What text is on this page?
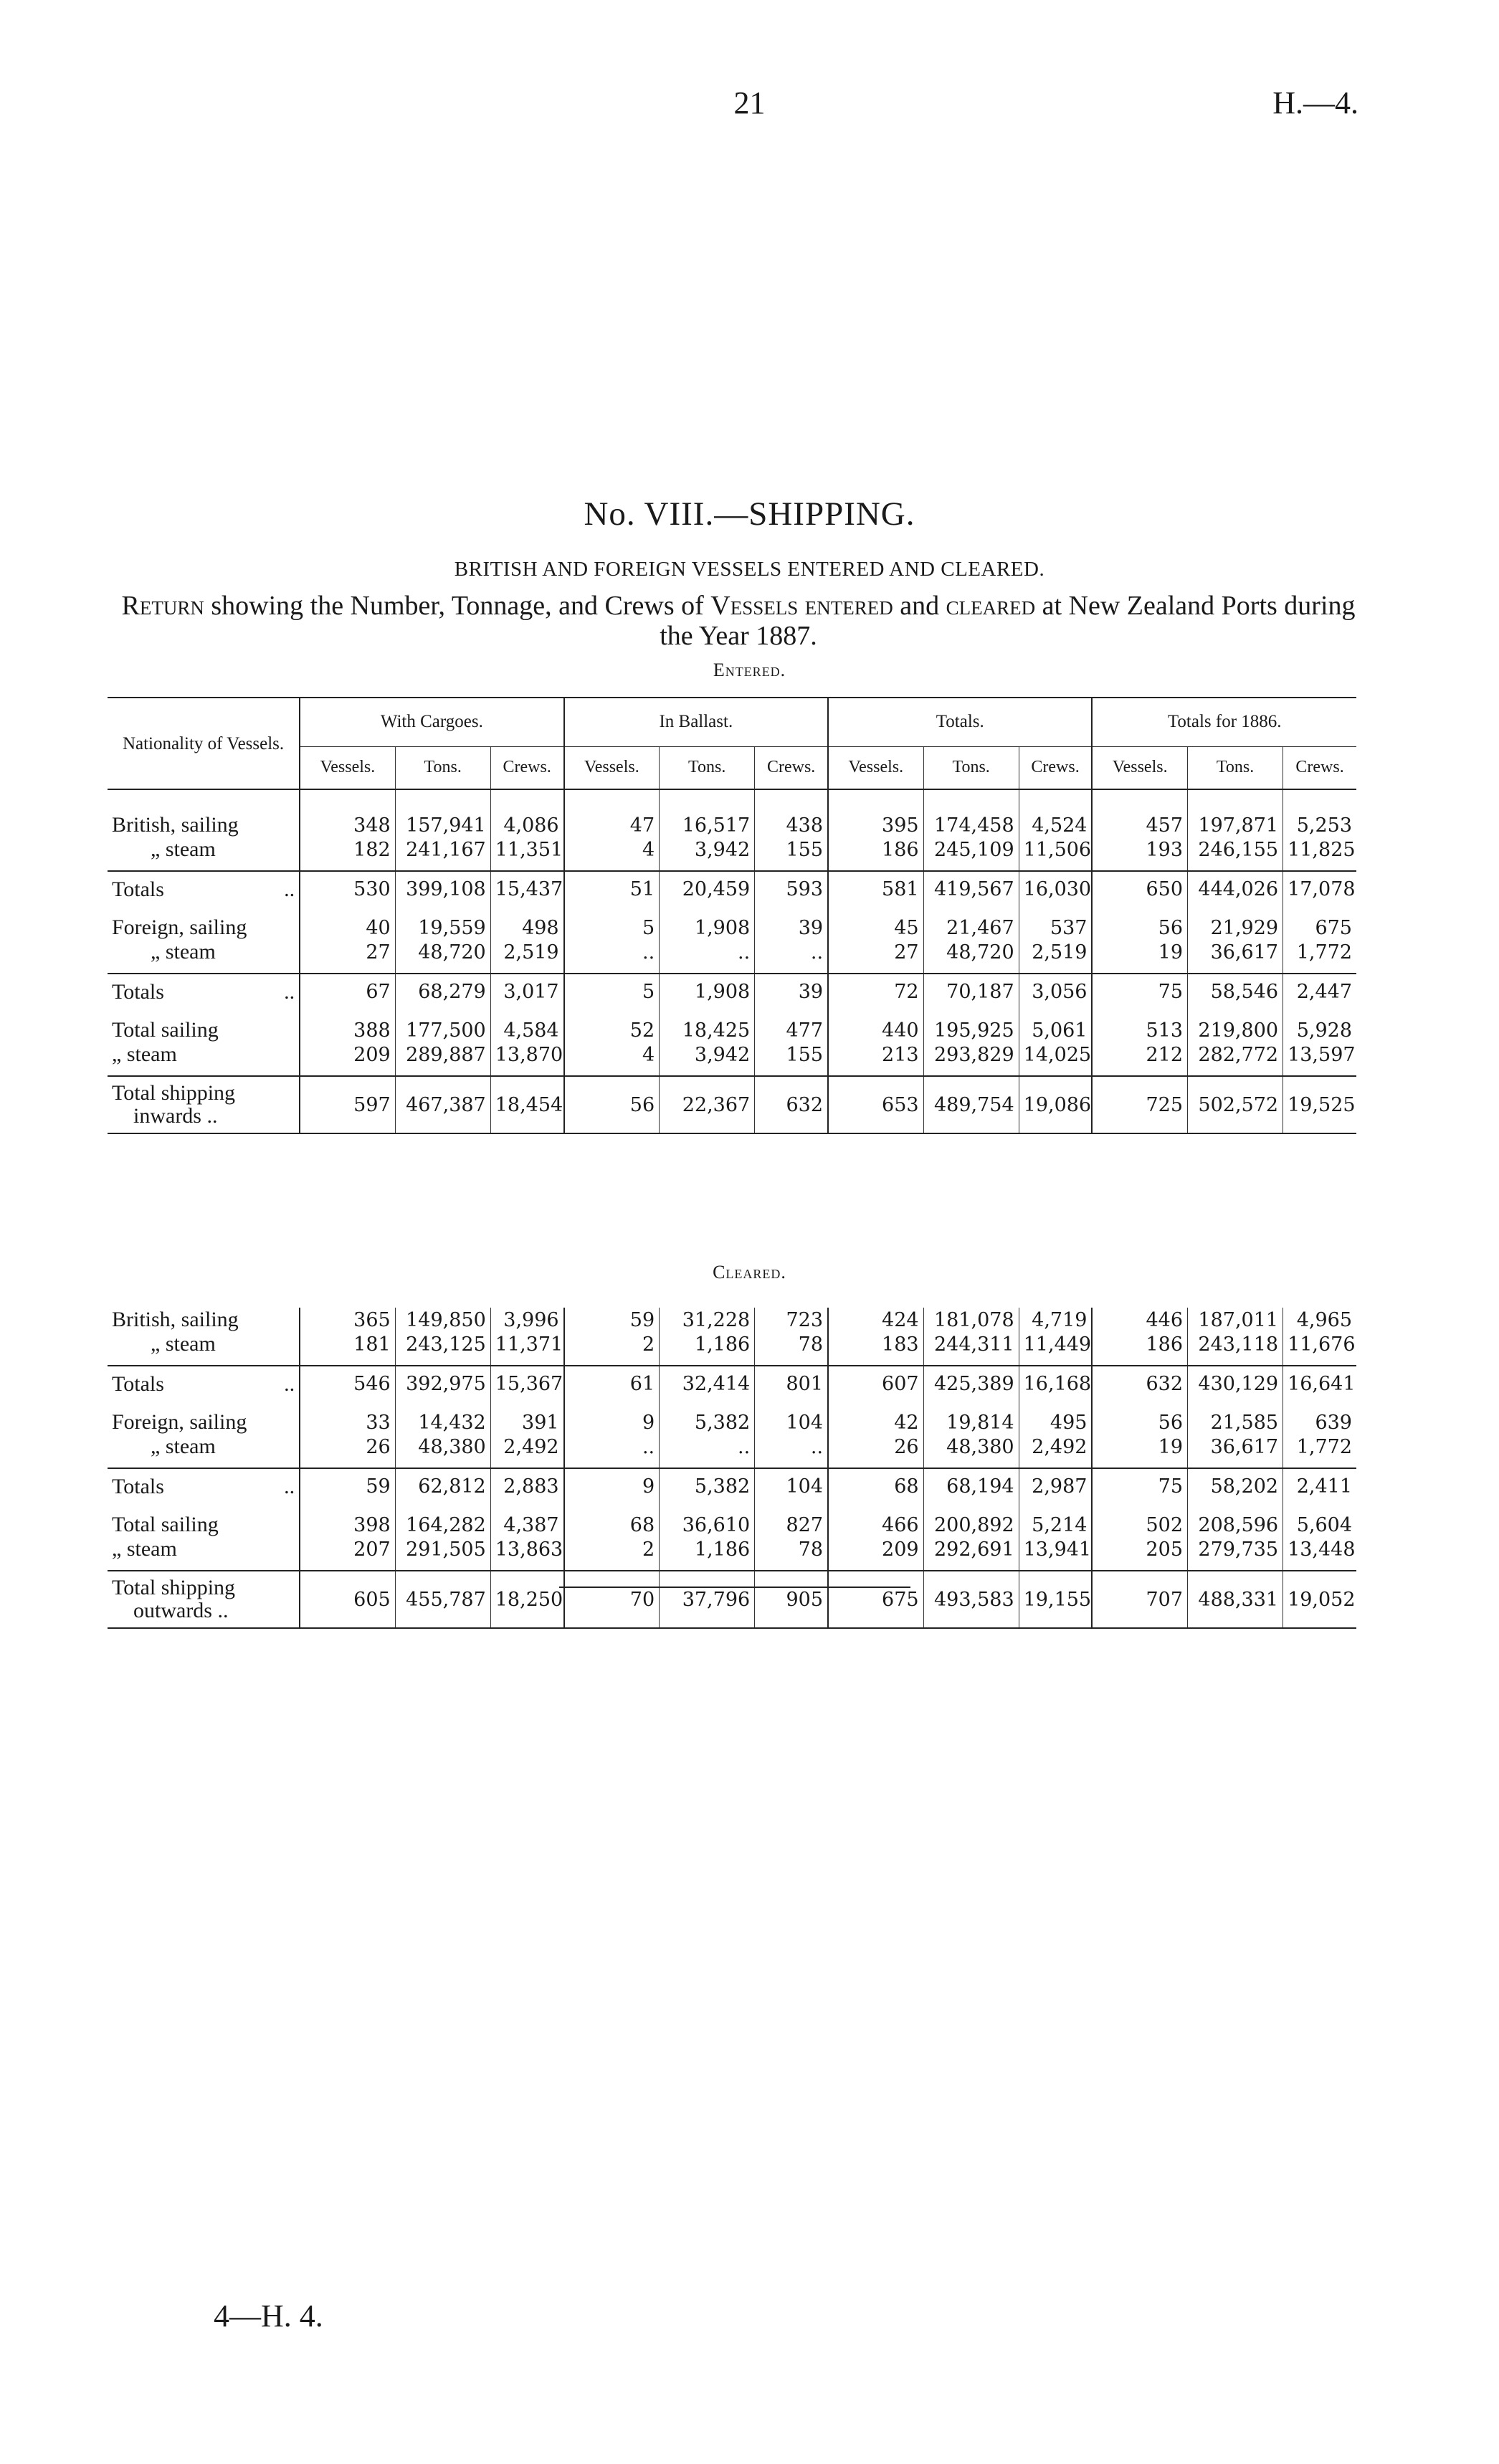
21	H.—4.
No. VIII.—SHIPPING.
BRITISH AND FOREIGN VESSELS ENTERED AND CLEARED.
Return showing the Number, Tonnage, and Crews of Vessels entered and cleared at New Zealand Ports during the Year 1887.
Entered.
Nationality of Vessels.	With Cargoes.			In Ballast.			Totals.			Totals for 1886.		
	Vessels.	Tons.	Crews.	Vessels.	Tons.	Crews.	Vessels.	Tons.	Crews.	Vessels.	Tons.	Crews.

British, sailing	348	157,941	4,086	47	16,517	438	395	174,458	4,524	457	197,871	5,253
„ steam	182	241,167	11,351	4	3,942	155	186	245,109	11,506	193	246,155	11,825

Totals ..	530	399,108	15,437	51	20,459	593	581	419,567	16,030	650	444,026	17,078

Foreign, sailing	40	19,559	498	5	1,908	39	45	21,467	537	56	21,929	675
„ steam	27	48,720	2,519	..	..	..	27	48,720	2,519	19	36,617	1,772

Totals ..	67	68,279	3,017	5	1,908	39	72	70,187	3,056	75	58,546	2,447

Total sailing	388	177,500	4,584	52	18,425	477	440	195,925	5,061	513	219,800	5,928
„ steam	209	289,887	13,870	4	3,942	155	213	293,829	14,025	212	282,772	13,597

Total shipping
inwards ..	597	467,387	18,454	56	22,367	632	653	489,754	19,086	725	502,572	19,525
Cleared.
British, sailing	365	149,850	3,996	59	31,228	723	424	181,078	4,719	446	187,011	4,965
„ steam	181	243,125	11,371	2	1,186	78	183	244,311	11,449	186	243,118	11,676

Totals ..	546	392,975	15,367	61	32,414	801	607	425,389	16,168	632	430,129	16,641

Foreign, sailing	33	14,432	391	9	5,382	104	42	19,814	495	56	21,585	639
„ steam	26	48,380	2,492	..	..	..	26	48,380	2,492	19	36,617	1,772

Totals ..	59	62,812	2,883	9	5,382	104	68	68,194	2,987	75	58,202	2,411

Total sailing	398	164,282	4,387	68	36,610	827	466	200,892	5,214	502	208,596	5,604
„ steam	207	291,505	13,863	2	1,186	78	209	292,691	13,941	205	279,735	13,448

Total shipping
outwards ..	605	455,787	18,250	70	37,796	905	675	493,583	19,155	707	488,331	19,052
4—H. 4.
